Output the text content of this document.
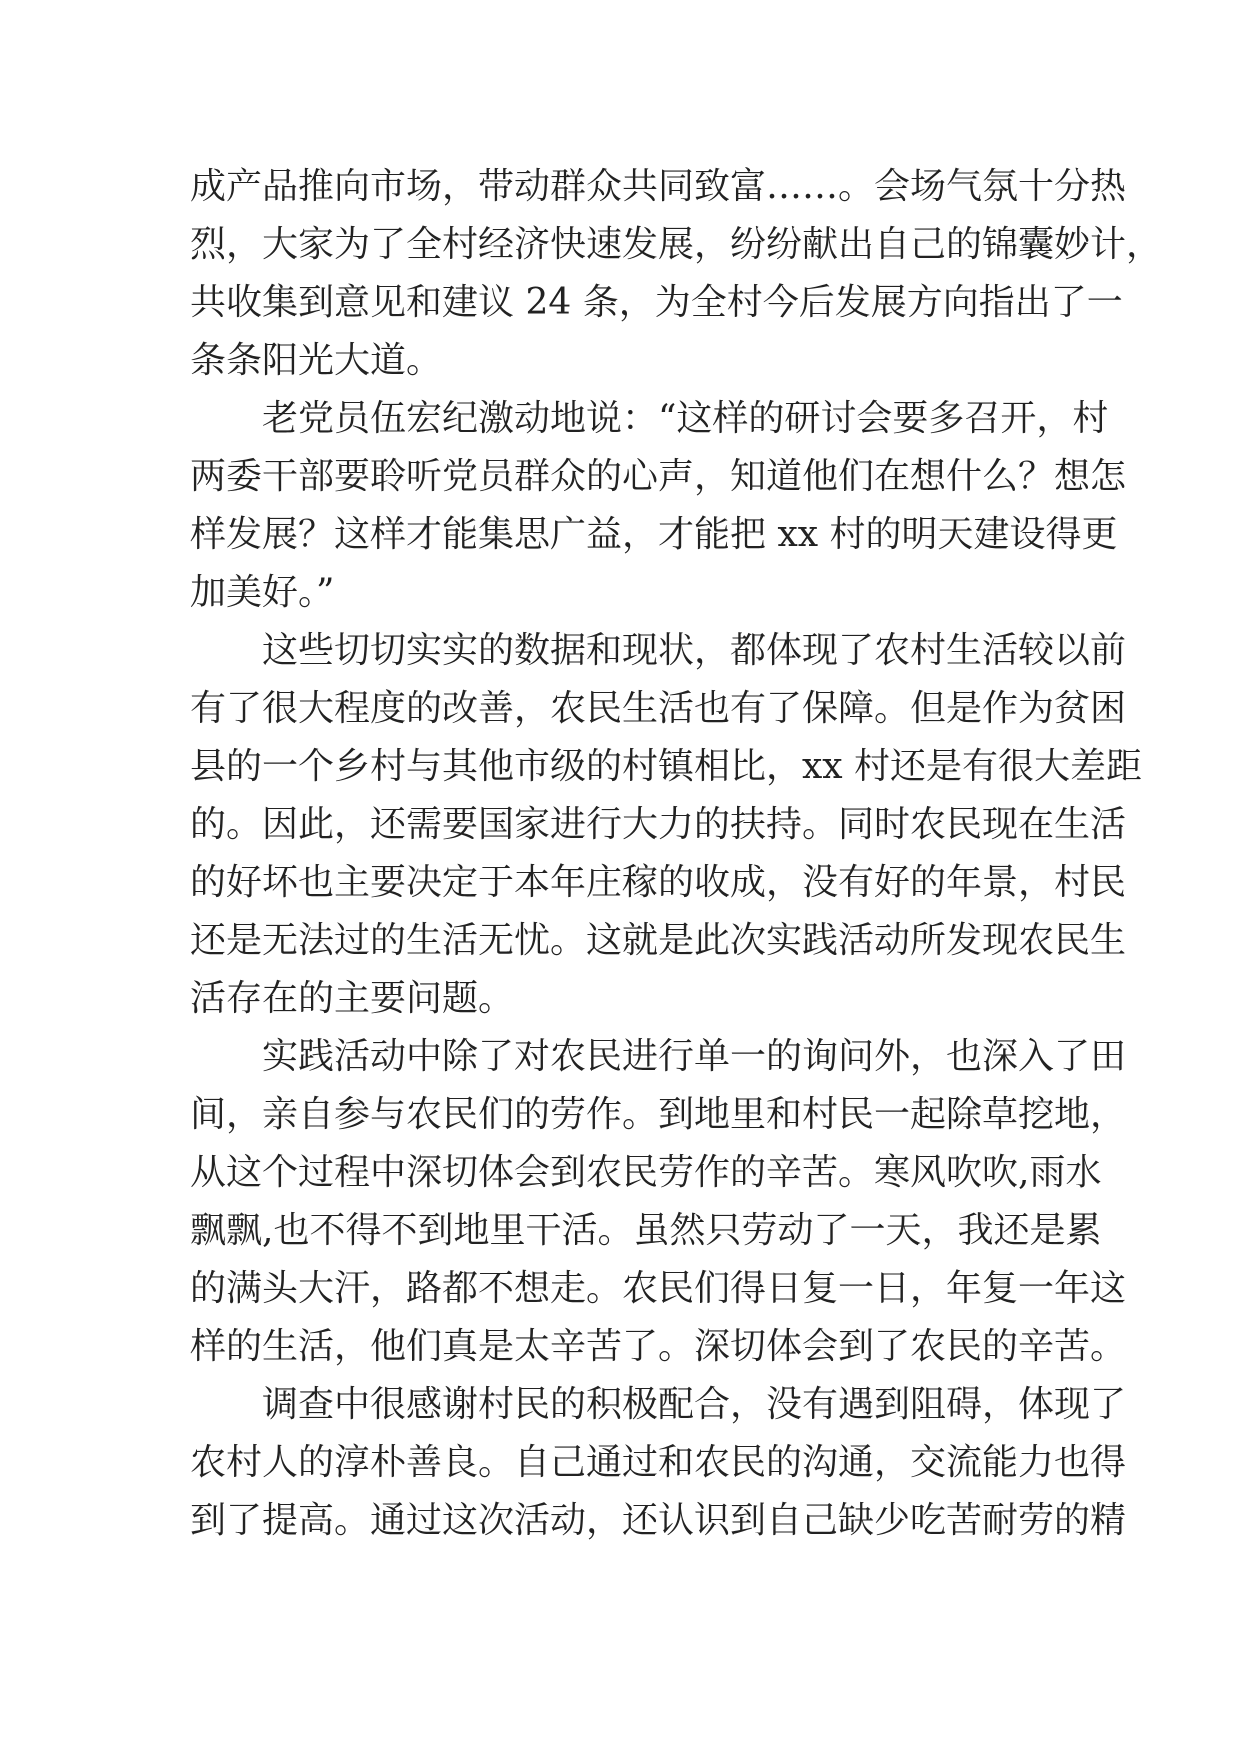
成产品推向市场，带动群众共同致富……。会场气氛十分热
烈，大家为了全村经济快速发展，纷纷献出自己的锦囊妙计，
共收集到意见和建议 24 条，为全村今后发展方向指出了一
条条阳光大道。
老党员伍宏纪激动地说：“这样的研讨会要多召开，村
两委干部要聆听党员群众的心声，知道他们在想什么？想怎
样发展？这样才能集思广益，才能把 xx 村的明天建设得更
加美好。”
这些切切实实的数据和现状，都体现了农村生活较以前
有了很大程度的改善，农民生活也有了保障。但是作为贫困
县的一个乡村与其他市级的村镇相比，xx 村还是有很大差距
的。因此，还需要国家进行大力的扶持。同时农民现在生活
的好坏也主要决定于本年庄稼的收成，没有好的年景，村民
还是无法过的生活无忧。这就是此次实践活动所发现农民生
活存在的主要问题。
实践活动中除了对农民进行单一的询问外，也深入了田
间，亲自参与农民们的劳作。到地里和村民一起除草挖地，
从这个过程中深切体会到农民劳作的辛苦。寒风吹吹,雨水
飘飘,也不得不到地里干活。虽然只劳动了一天，我还是累
的满头大汗，路都不想走。农民们得日复一日，年复一年这
样的生活，他们真是太辛苦了。深切体会到了农民的辛苦。
调查中很感谢村民的积极配合，没有遇到阻碍，体现了
农村人的淳朴善良。自己通过和农民的沟通，交流能力也得
到了提高。通过这次活动，还认识到自己缺少吃苦耐劳的精
